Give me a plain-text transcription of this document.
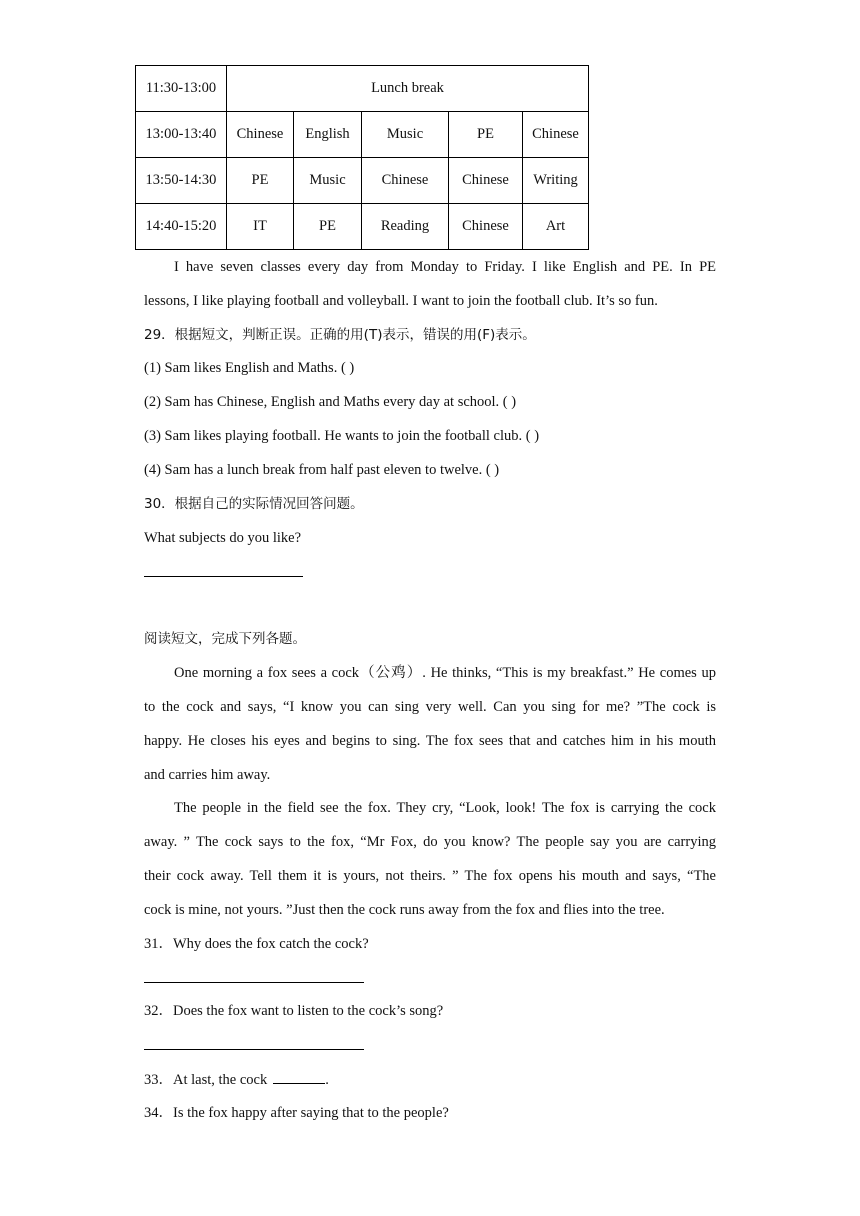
11:30-13:00	Lunch break				
13:00-13:40	Chinese	English	Music	PE	Chinese
13:50-14:30	PE	Music	Chinese	Chinese	Writing
14:40-15:20	IT	PE	Reading	Chinese	Art
I have seven classes every day from Monday to Friday. I like English and PE. In PE
lessons, I like playing football and volleyball. I want to join the football club. It’s so fun.
29．根据短文，判断正误。正确的用(T)表示，错误的用(F)表示。
(1) Sam likes English and Maths. ( )
(2) Sam has Chinese, English and Maths every day at school. ( )
(3) Sam likes playing football. He wants to join the football club. ( )
(4) Sam has a lunch break from half past eleven to twelve. ( )
30．根据自己的实际情况回答问题。
What subjects do you like?
阅读短文，完成下列各题。
One morning a fox sees a cock（公鸡）. He thinks, “This is my breakfast.” He comes up
to the cock and says, “I know you can sing very well. Can you sing for me? ”The cock is
happy. He closes his eyes and begins to sing. The fox sees that and catches him in his mouth
and carries him away.
The people in the field see the fox. They cry, “Look, look! The fox is carrying the cock
away. ” The cock says to the fox, “Mr Fox, do you know? The people say you are carrying
their cock away. Tell them it is yours, not theirs. ” The fox opens his mouth and says, “The
cock is mine, not yours. ”Just then the cock runs away from the fox and flies into the tree.
31．Why does the fox catch the cock?
32．Does the fox want to listen to the cock’s song?
33．At last, the cock	.
34．Is the fox happy after saying that to the people?
